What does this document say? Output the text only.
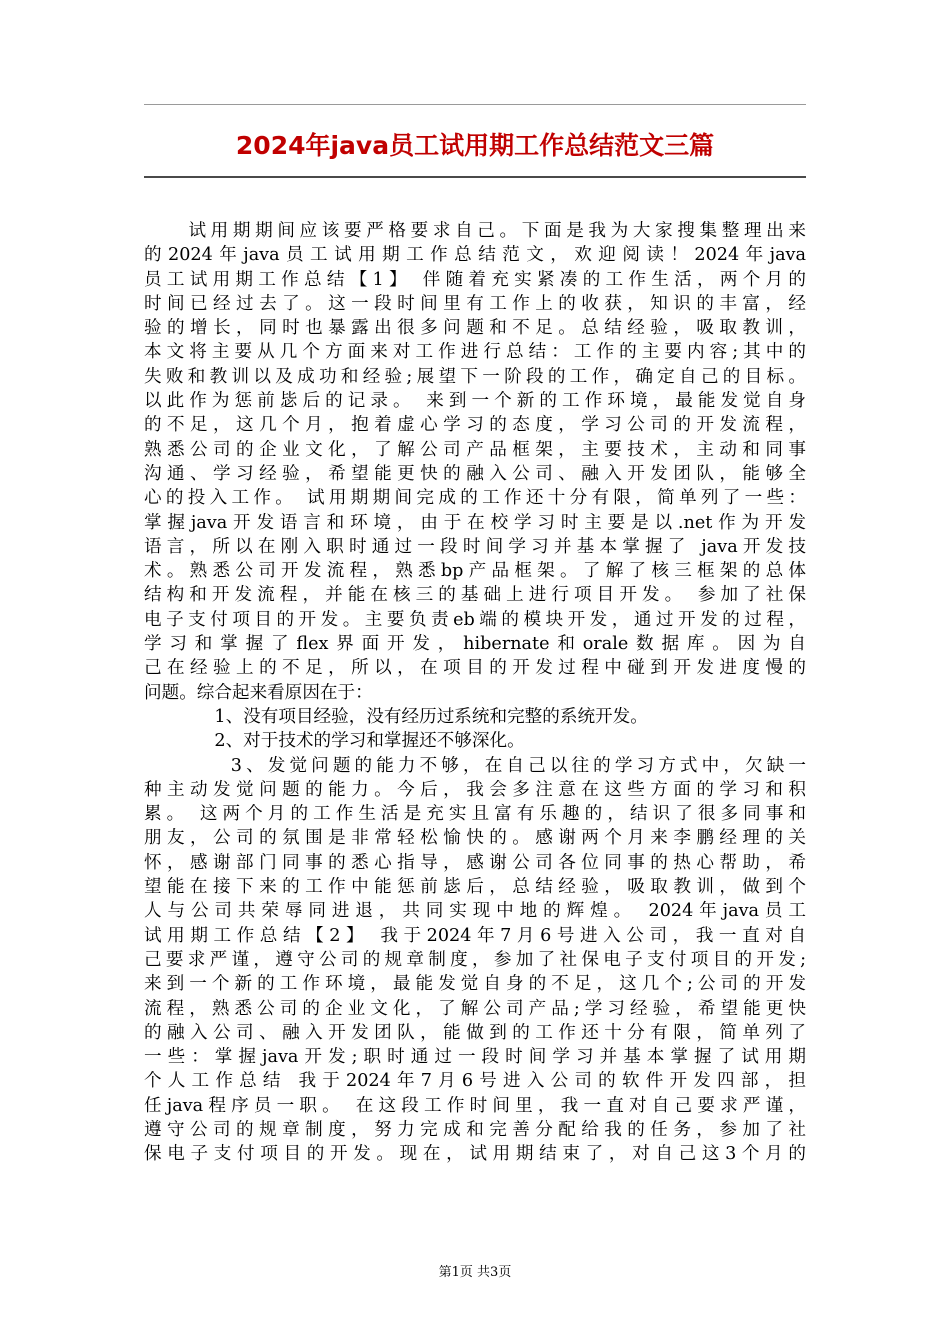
2024年java员工试用期工作总结范文三篇
　　试用期期间应该要严格要求自己。下面是我为大家搜集整理出来
的2024年java员工试用期工作总结范文，欢迎阅读！2024年java
员工试用期工作总结【1】 伴随着充实紧凑的工作生活，两个月的
时间已经过去了。这一段时间里有工作上的收获，知识的丰富，经
验的增长，同时也暴露出很多问题和不足。总结经验，吸取教训，
本文将主要从几个方面来对工作进行总结：工作的主要内容;其中的
失败和教训以及成功和经验;展望下一阶段的工作，确定自己的目标。
以此作为惩前毖后的记录。 来到一个新的工作环境，最能发觉自身
的不足，这几个月，抱着虚心学习的态度，学习公司的开发流程，
熟悉公司的企业文化，了解公司产品框架，主要技术，主动和同事
沟通、学习经验，希望能更快的融入公司、融入开发团队，能够全
心的投入工作。 试用期期间完成的工作还十分有限，简单列了一些：
掌握java开发语言和环境，由于在校学习时主要是以.net作为开发
语言，所以在刚入职时通过一段时间学习并基本掌握了 java开发技
术。熟悉公司开发流程，熟悉bp产品框架。了解了核三框架的总体
结构和开发流程，并能在核三的基础上进行项目开发。 参加了社保
电子支付项目的开发。主要负责eb端的模块开发，通过开发的过程，
学习和掌握了flex界面开发，hibernate和orale数据库。因为自
己在经验上的不足，所以，在项目的开发过程中碰到开发进度慢的
问题。综合起来看原因在于：
　　　　1、没有项目经验，没有经历过系统和完整的系统开发。
　　　　2、对于技术的学习和掌握还不够深化。
　　　　3、发觉问题的能力不够，在自己以往的学习方式中，欠缺一
种主动发觉问题的能力。今后，我会多注意在这些方面的学习和积
累。 这两个月的工作生活是充实且富有乐趣的，结识了很多同事和
朋友，公司的氛围是非常轻松愉快的。感谢两个月来李鹏经理的关
怀，感谢部门同事的悉心指导，感谢公司各位同事的热心帮助，希
望能在接下来的工作中能惩前毖后，总结经验，吸取教训，做到个
人与公司共荣辱同进退，共同实现中地的辉煌。 2024年java员工
试用期工作总结【2】 我于2024年7月6号进入公司，我一直对自
己要求严谨，遵守公司的规章制度，参加了社保电子支付项目的开发;
来到一个新的工作环境，最能发觉自身的不足，这几个;公司的开发
流程，熟悉公司的企业文化，了解公司产品;学习经验，希望能更快
的融入公司、融入开发团队，能做到的工作还十分有限，简单列了
一些：掌握java开发;职时通过一段时间学习并基本掌握了试用期
个人工作总结 我于2024年7月6号进入公司的软件开发四部，担
任java程序员一职。 在这段工作时间里，我一直对自己要求严谨，
遵守公司的规章制度，努力完成和完善分配给我的任务，参加了社
保电子支付项目的开发。现在，试用期结束了，对自己这3个月的
第1页 共3页
